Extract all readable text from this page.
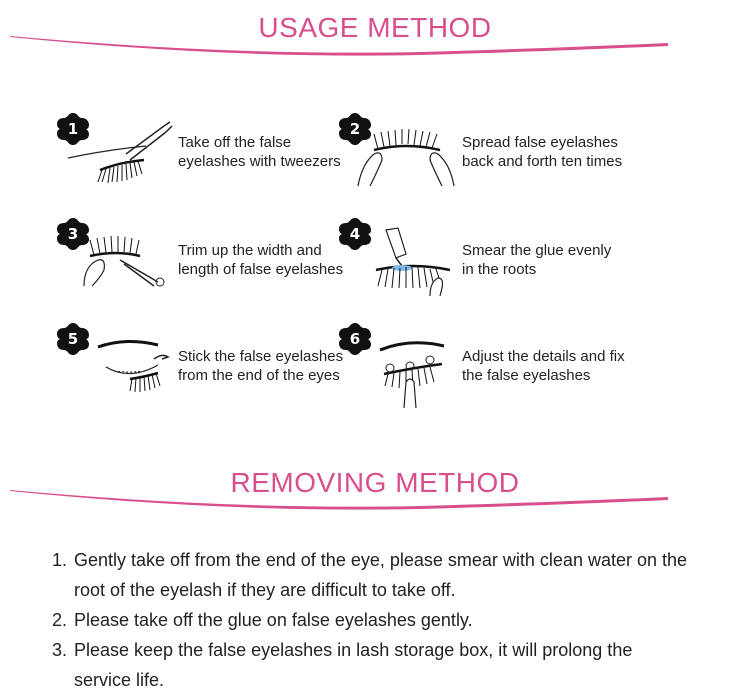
USAGE METHOD
1
Take off the false
eyelashes with tweezers
2
Spread false eyelashes
back and forth ten times
3
Trim up the width and
length of false eyelashes
4
Smear the glue evenly
in the roots
5
Stick the false eyelashes
from the end of the eyes
6
Adjust the details and fix
the false eyelashes
REMOVING METHOD
1. Gently take off from the end of the eye, please smear with clean water on the root of the eyelash if they are difficult to take off.
2. Please take off the glue on false eyelashes gently.
3. Please keep the false eyelashes in lash storage box, it will prolong the service life.
